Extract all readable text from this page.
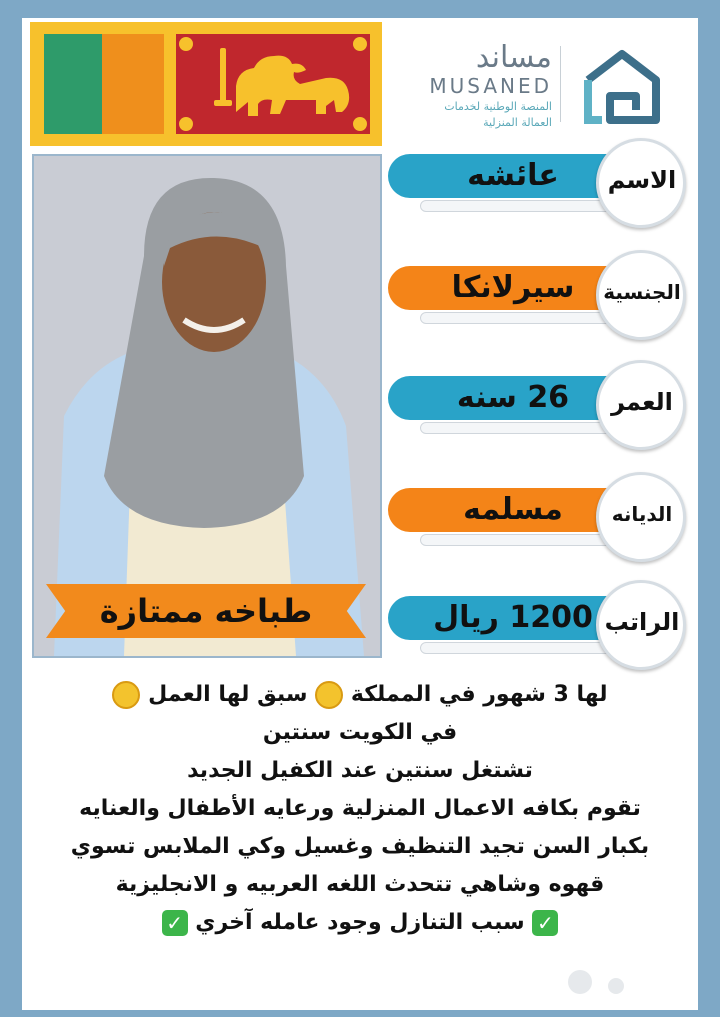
مساند
MUSANED
المنصة الوطنية لخدمات
العمالة المنزلية
طباخه ممتازة
عائشه	الاسم
سيرلانكا	الجنسية
26 سنه	العمر
مسلمه	الديانه
1200 ريال الراتب
لها 3 شهور في المملكة  سبق لها العمل
في الكويت سنتين
تشتغل سنتين عند الكفيل الجديد
تقوم بكافه الاعمال المنزلية ورعايه الأطفال والعنايه
بكبار السن تجيد التنظيف وغسيل وكي الملابس تسوي
قهوه وشاهي تتحدث اللغه العربيه و الانجليزية
✓ سبب التنازل وجود عامله آخري ✓
